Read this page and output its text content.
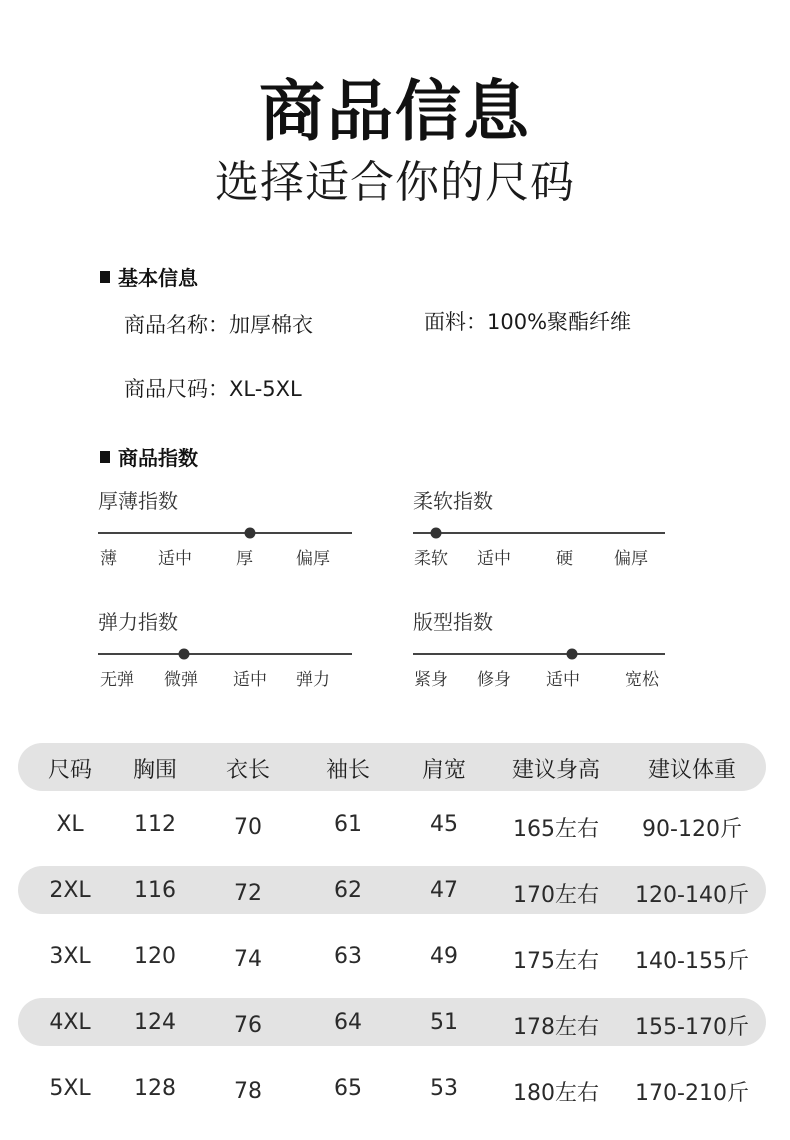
商品信息
选择适合你的尺码
基本信息
商品名称：加厚棉衣	面料：100%聚酯纤维
商品尺码：XL-5XL
商品指数
厚薄指数
薄 适中	厚	偏厚
柔软指数
柔软 适中	硬 偏厚
弹力指数
无弹 微弹 适中 弹力
版型指数
紧身 修身 适中	宽松
尺码 胸围 衣长	袖长 肩宽 建议身高 建议体重
XL 112	70	61	45	165左右 90-120斤
2XL 116	72	62	47	170左右 120-140斤
3XL 120	74	63	49	175左右 140-155斤
4XL 124	76	64	51	178左右 155-170斤
5XL 128	78	65	53	180左右 170-210斤
